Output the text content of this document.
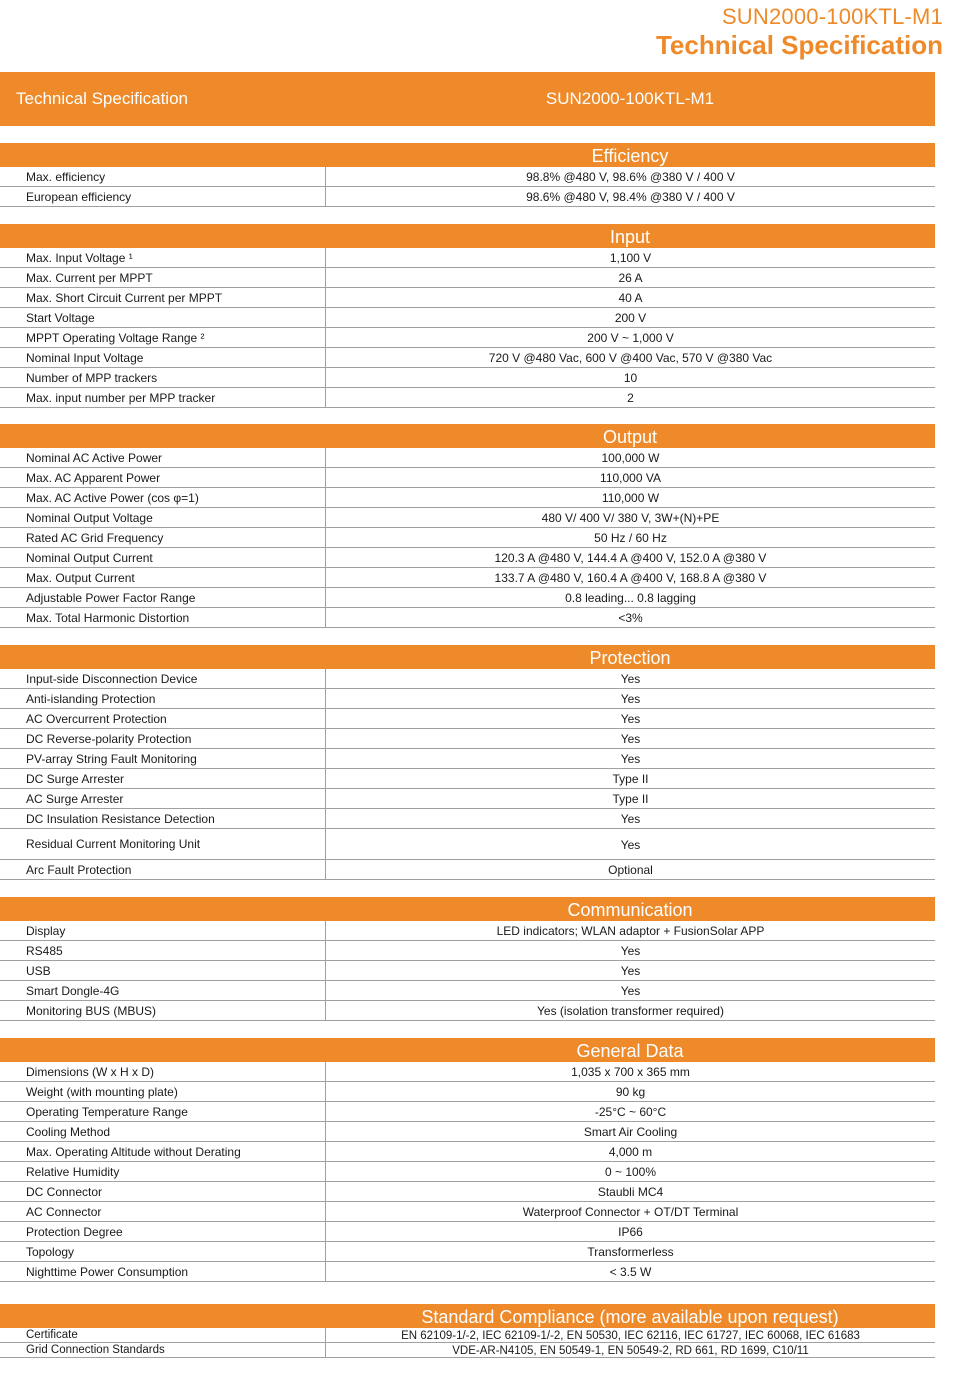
SUN2000-100KTL-M1
Technical Specification
Technical Specification	SUN2000-100KTL-M1
Efficiency
Max. efficiency	98.8% @480 V, 98.6% @380 V / 400 V
European efficiency	98.6% @480 V, 98.4% @380 V / 400 V
Input
Max. Input Voltage ¹	1,100 V
Max. Current per MPPT	26 A
Max. Short Circuit Current per MPPT	40 A
Start Voltage	200 V
MPPT Operating Voltage Range ²	200 V ~ 1,000 V
Nominal Input Voltage	720 V @480 Vac, 600 V @400 Vac, 570 V @380 Vac
Number of MPP trackers	10
Max. input number per MPP tracker	2
Output
Nominal AC Active Power	100,000 W
Max. AC Apparent Power	110,000 VA
Max. AC Active Power (cos φ=1)	110,000 W
Nominal Output Voltage	480 V/ 400 V/ 380 V, 3W+(N)+PE
Rated AC Grid Frequency	50 Hz / 60 Hz
Nominal Output Current	120.3 A @480 V, 144.4 A @400 V, 152.0 A @380 V
Max. Output Current	133.7 A @480 V, 160.4 A @400 V, 168.8 A @380 V
Adjustable Power Factor Range	0.8 leading... 0.8 lagging
Max. Total Harmonic Distortion	<3%
Protection
Input-side Disconnection Device	Yes
Anti-islanding Protection	Yes
AC Overcurrent Protection	Yes
DC Reverse-polarity Protection	Yes
PV-array String Fault Monitoring	Yes
DC Surge Arrester	Type II
AC Surge Arrester	Type II
DC Insulation Resistance Detection	Yes
Residual Current Monitoring Unit	Yes
Arc Fault Protection	Optional
Communication
Display	LED indicators; WLAN adaptor + FusionSolar APP
RS485	Yes
USB	Yes
Smart Dongle-4G	Yes
Monitoring BUS (MBUS)	Yes (isolation transformer required)
General Data
Dimensions (W x H x D)	1,035 x 700 x 365 mm
Weight (with mounting plate)	90 kg
Operating Temperature Range	-25°C ~ 60°C
Cooling Method	Smart Air Cooling
Max. Operating Altitude without Derating	4,000 m
Relative Humidity	0 ~ 100%
DC Connector	Staubli MC4
AC Connector	Waterproof Connector + OT/DT Terminal
Protection Degree	IP66
Topology	Transformerless
Nighttime Power Consumption	< 3.5 W
Standard Compliance (more available upon request)
Certificate	EN 62109-1/-2, IEC 62109-1/-2, EN 50530, IEC 62116, IEC 61727, IEC 60068, IEC 61683
Grid Connection Standards	VDE-AR-N4105, EN 50549-1, EN 50549-2, RD 661, RD 1699, C10/11
